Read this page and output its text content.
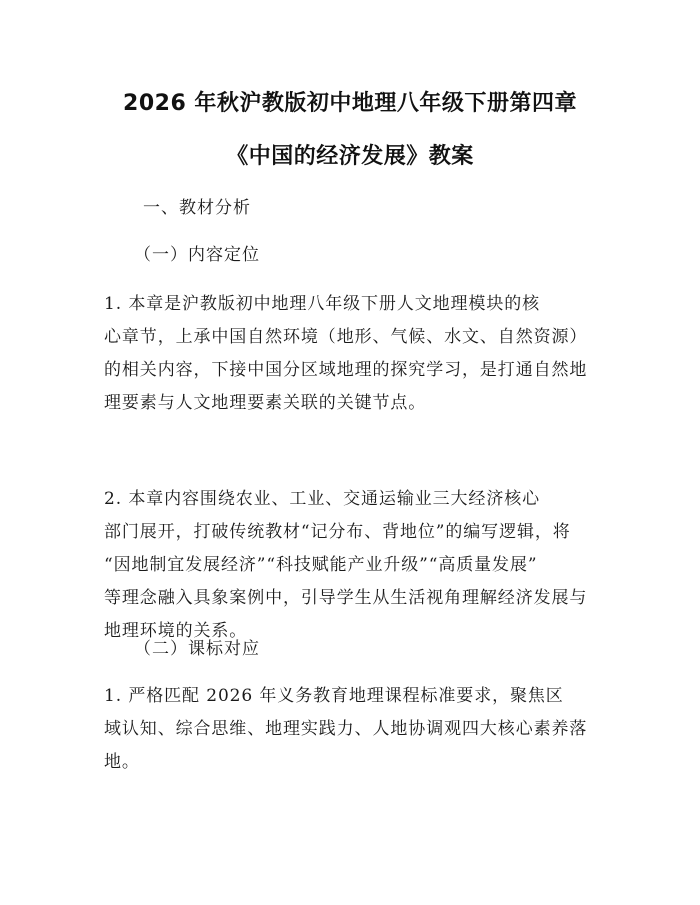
2026 年秋沪教版初中地理八年级下册第四章
《中国的经济发展》教案
一、教材分析
（一）内容定位
1. 本章是沪教版初中地理八年级下册人文地理模块的核
心章节，上承中国自然环境（地形、气候、水文、自然资源）
的相关内容，下接中国分区域地理的探究学习，是打通自然地
理要素与人文地理要素关联的关键节点。
2. 本章内容围绕农业、工业、交通运输业三大经济核心
部门展开，打破传统教材“记分布、背地位”的编写逻辑，将
“因地制宜发展经济”“科技赋能产业升级”“高质量发展”
等理念融入具象案例中，引导学生从生活视角理解经济发展与
地理环境的关系。
（二）课标对应
1. 严格匹配 2026 年义务教育地理课程标准要求，聚焦区
域认知、综合思维、地理实践力、人地协调观四大核心素养落
地。
